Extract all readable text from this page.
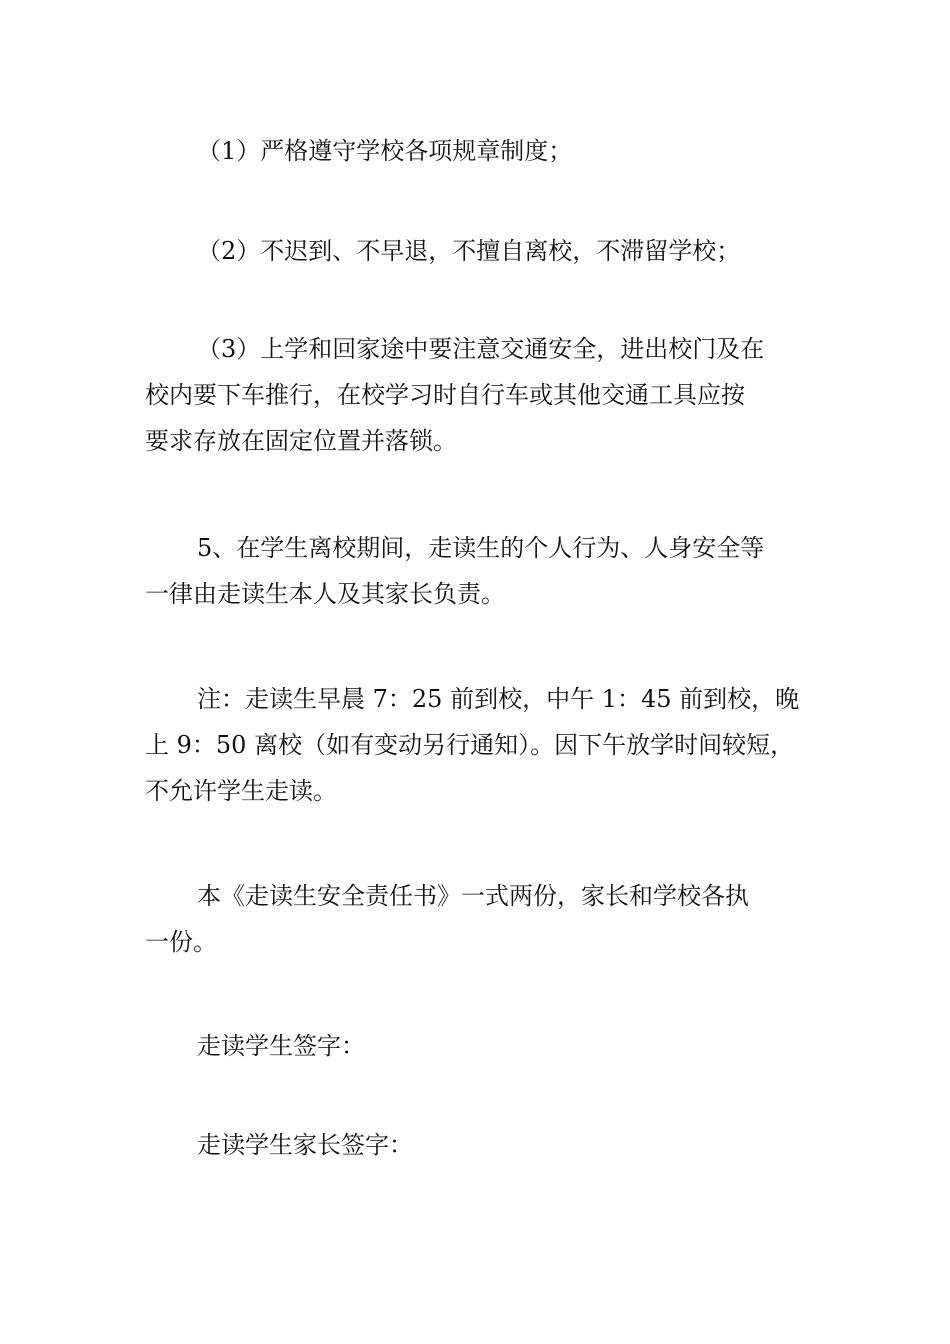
（1）严格遵守学校各项规章制度；

（2）不迟到、不早退，不擅自离校，不滞留学校；

（3）上学和回家途中要注意交通安全，进出校门及在
校内要下车推行，在校学习时自行车或其他交通工具应按
要求存放在固定位置并落锁。

5、在学生离校期间，走读生的个人行为、人身安全等
一律由走读生本人及其家长负责。

注：走读生早晨 7：25 前到校，中午 1：45 前到校，晚
上 9：50 离校（如有变动另行通知）。因下午放学时间较短，
不允许学生走读。

本《走读生安全责任书》一式两份，家长和学校各执
一份。

走读学生签字：

走读学生家长签字：
